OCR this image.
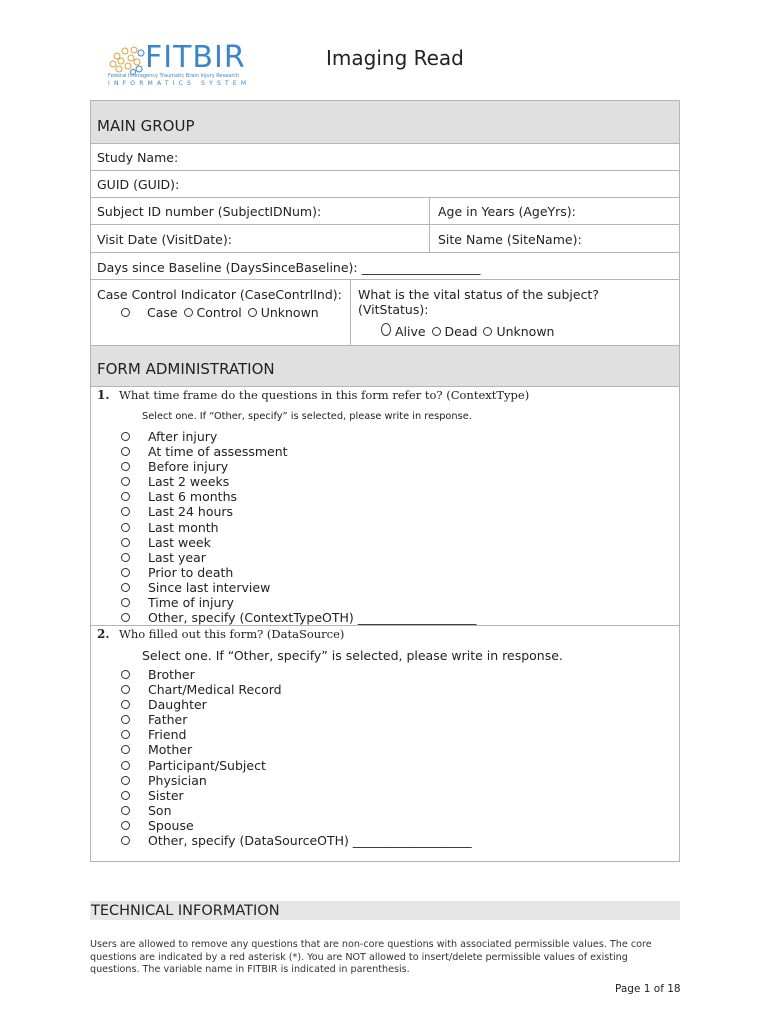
FITBIR
Federal Interagency Traumatic Brain Injury Research
INFORMATICS SYSTEM
Imaging Read
MAIN GROUP
Study Name:
GUID (GUID):
Subject ID number (SubjectIDNum):	Age in Years (AgeYrs):
Visit Date (VisitDate):	Site Name (SiteName):
Days since Baseline (DaysSinceBaseline): ___________________
Case Control Indicator (CaseContrlInd):
Case Control Unknown
What is the vital status of the subject?
(VitStatus):
Alive Dead Unknown
FORM ADMINISTRATION
1. What time frame do the questions in this form refer to? (ContextType)
Select one. If “Other, specify” is selected, please write in response.
After injury
At time of assessment
Before injury
Last 2 weeks
Last 6 months
Last 24 hours
Last month
Last week
Last year
Prior to death
Since last interview
Time of injury
Other, specify (ContextTypeOTH) ___________________
2. Who filled out this form? (DataSource)
Select one. If “Other, specify” is selected, please write in response.
Brother
Chart/Medical Record
Daughter
Father
Friend
Mother
Participant/Subject
Physician
Sister
Son
Spouse
Other, specify (DataSourceOTH) ___________________
TECHNICAL INFORMATION
Users are allowed to remove any questions that are non-core questions with associated permissible values. The core questions are indicated by a red asterisk (*). You are NOT allowed to insert/delete permissible values of existing questions. The variable name in FITBIR is indicated in parenthesis.
Page 1 of 18
